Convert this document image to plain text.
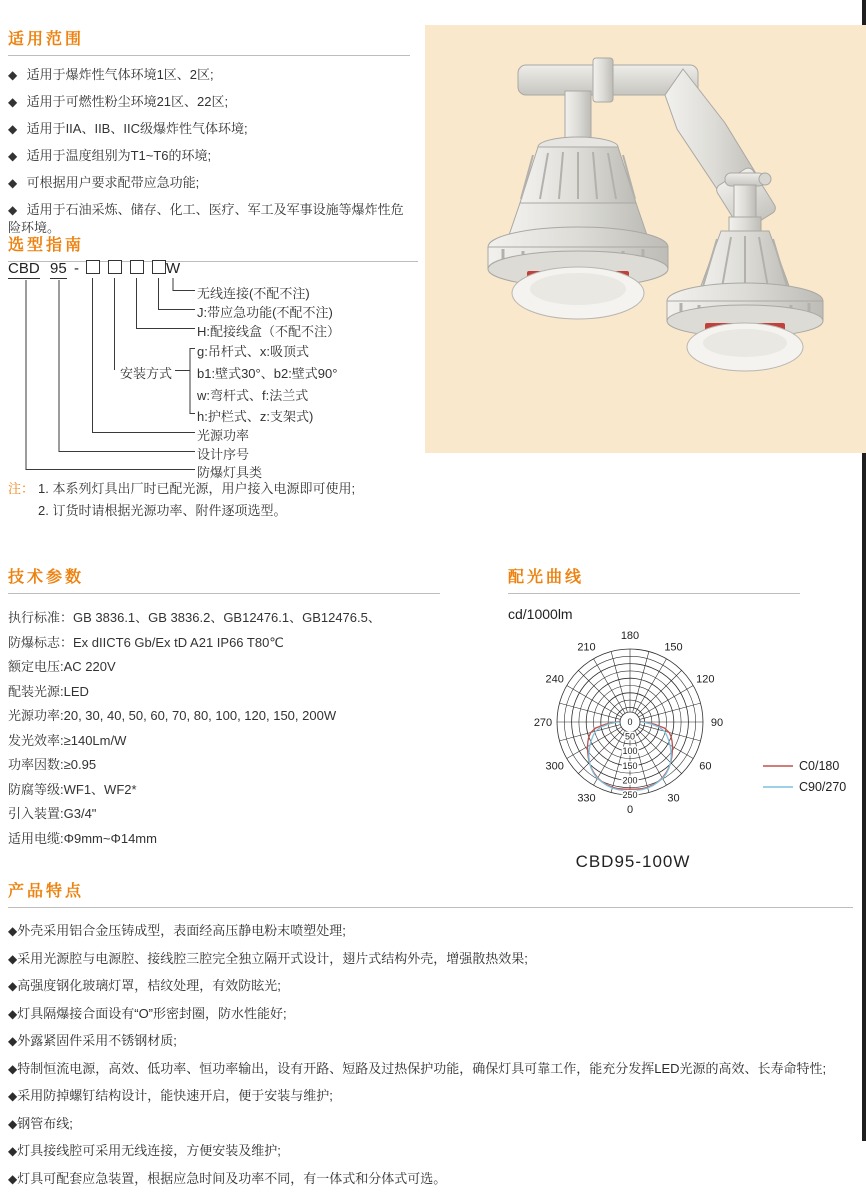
适用范围
◆ 适用于爆炸性气体环境1区、2区;
◆ 适用于可燃性粉尘环境21区、22区;
◆ 适用于IIA、IIB、IIC级爆炸性气体环境;
◆ 适用于温度组别为T1~T6的环境;
◆ 可根据用户要求配带应急功能;
◆ 适用于石油采炼、储存、化工、医疗、军工及军事设施等爆炸性危险环境。
选型指南
CBD 95 -	W
无线连接(不配不注)
J:带应急功能(不配不注)
H:配接线盒（不配不注）
g:吊杆式、x:吸顶式
b1:壁式30°、b2:壁式90°
w:弯杆式、f:法兰式
h:护栏式、z:支架式)
光源功率
设计序号
防爆灯具类
安装方式
注： 1. 本系列灯具出厂时已配光源，用户接入电源即可使用;
2. 订货时请根据光源功率、附件逐项选型。
技术参数
执行标准：GB 3836.1、GB 3836.2、GB12476.1、GB12476.5、
防爆标志：Ex dIICT6 Gb/Ex tD A21 IP66 T80℃
额定电压:AC 220V
配装光源:LED
光源功率:20, 30, 40, 50, 60, 70, 80, 100, 120, 150, 200W
发光效率:≥140Lm/W
功率因数:≥0.95
防腐等级:WF1、WF2*
引入装置:G3/4"
适用电缆:Φ9mm~Φ14mm
配光曲线
cd/1000lm
0
50
100
150
200
250
0
30
60
90
120
150
180
210
240
270
300
330
C0/180
C90/270
CBD95-100W
产品特点
◆外壳采用铝合金压铸成型，表面经高压静电粉末喷塑处理;
◆采用光源腔与电源腔、接线腔三腔完全独立隔开式设计，翅片式结构外壳，增强散热效果;
◆高强度钢化玻璃灯罩，桔纹处理，有效防眩光;
◆灯具隔爆接合面设有“O”形密封圈，防水性能好;
◆外露紧固件采用不锈钢材质;
◆特制恒流电源，高效、低功率、恒功率输出，设有开路、短路及过热保护功能，确保灯具可靠工作，能充分发挥LED光源的高效、长寿命特性;
◆采用防掉螺钉结构设计，能快速开启，便于安装与维护;
◆钢管布线;
◆灯具接线腔可采用无线连接，方便安装及维护;
◆灯具可配套应急装置，根据应急时间及功率不同，有一体式和分体式可选。
